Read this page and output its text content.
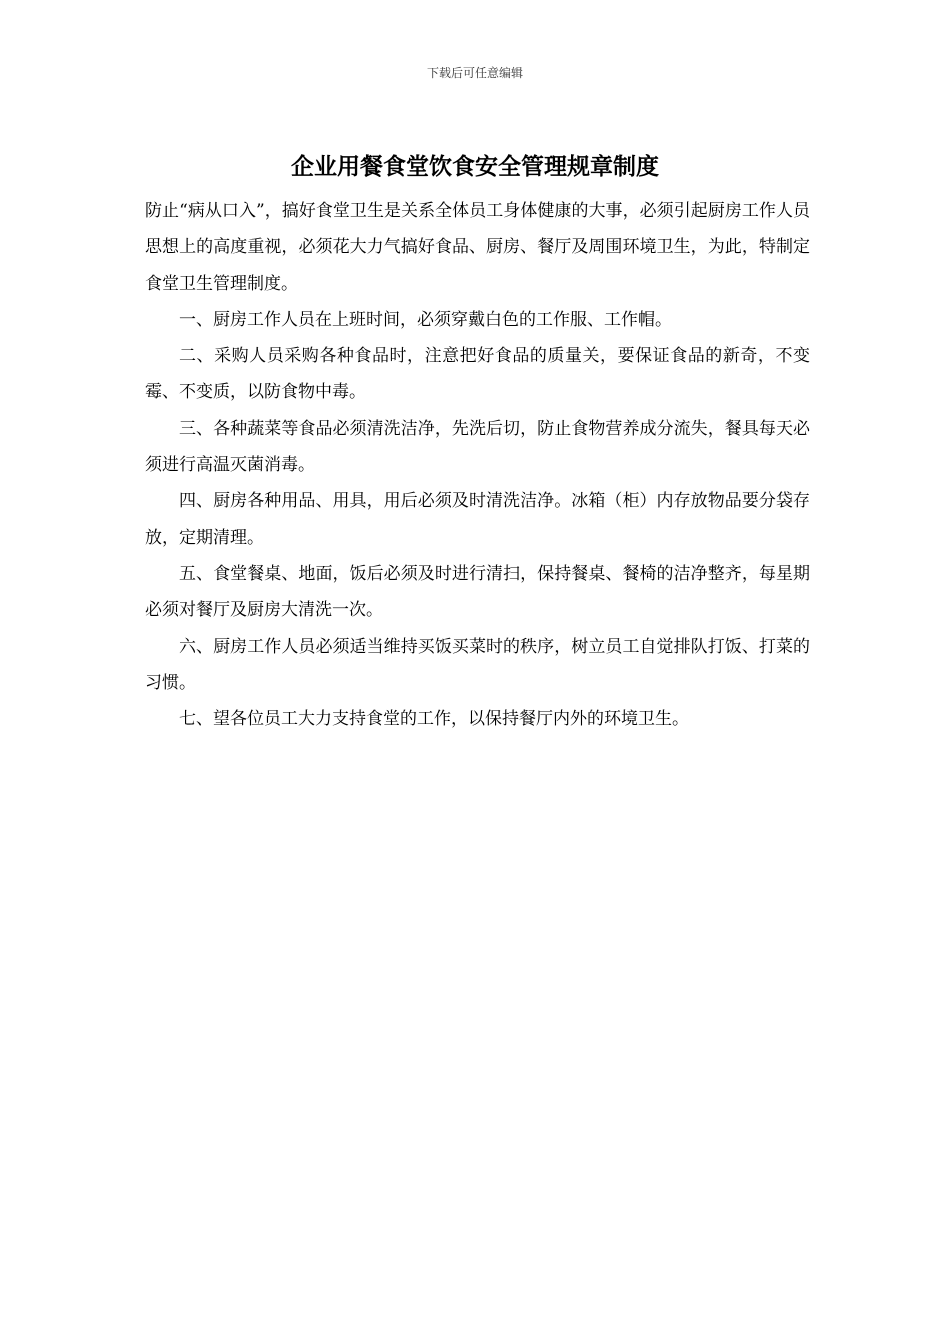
下载后可任意编辑
企业用餐食堂饮食安全管理规章制度

防止“病从口入”，搞好食堂卫生是关系全体员工身体健康的大事，必须引起厨房工作人员思想上的高度重视，必须花大力气搞好食品、厨房、餐厅及周围环境卫生，为此，特制定食堂卫生管理制度。

一、厨房工作人员在上班时间，必须穿戴白色的工作服、工作帽。

二、采购人员采购各种食品时，注意把好食品的质量关，要保证食品的新奇，不变霉、不变质，以防食物中毒。

三、各种蔬菜等食品必须清洗洁净，先洗后切，防止食物营养成分流失，餐具每天必须进行高温灭菌消毒。

四、厨房各种用品、用具，用后必须及时清洗洁净。冰箱（柜）内存放物品要分袋存放，定期清理。

五、食堂餐桌、地面，饭后必须及时进行清扫，保持餐桌、餐椅的洁净整齐，每星期必须对餐厅及厨房大清洗一次。

六、厨房工作人员必须适当维持买饭买菜时的秩序，树立员工自觉排队打饭、打菜的习惯。

七、望各位员工大力支持食堂的工作，以保持餐厅内外的环境卫生。
